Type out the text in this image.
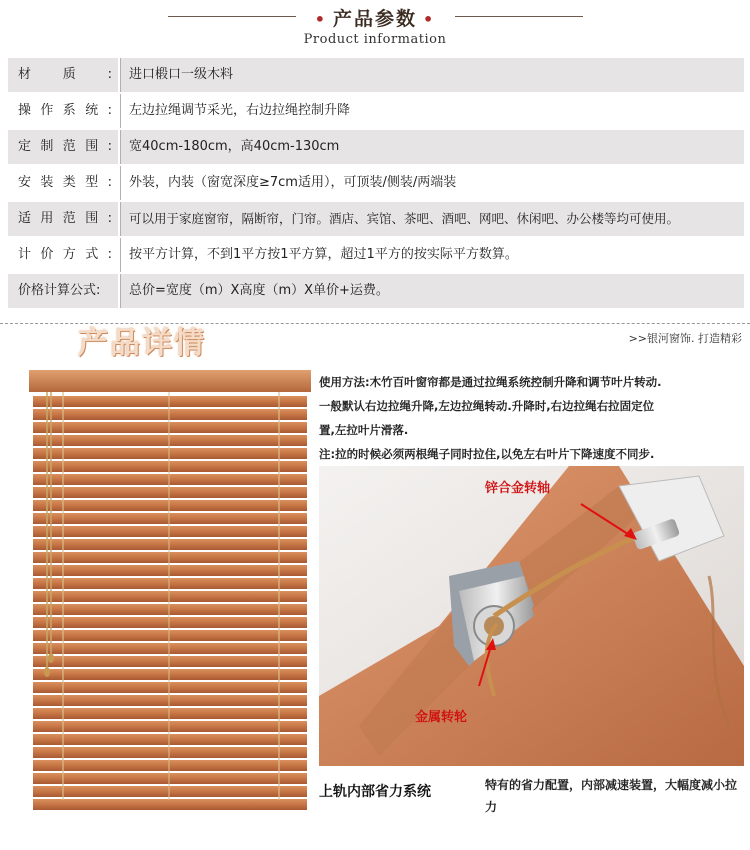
• 产品参数 •
Product information
材质:	进口椴口一级木料
操作系统:	左边拉绳调节采光，右边拉绳控制升降
定制范围:	宽40cm-180cm，高40cm-130cm
安装类型:	外装，内装（窗宽深度≥7cm适用），可顶装/侧装/两端装
适用范围:	可以用于家庭窗帘，隔断帘，门帘。酒店、宾馆、茶吧、酒吧、网吧、休闲吧、办公楼等均可使用。
计价方式:	按平方计算，不到1平方按1平方算，超过1平方的按实际平方数算。
价格计算公式:	总价=宽度（m）X高度（m）X单价+运费。
产品详情	>>银河窗饰. 打造精彩

使用方法:木竹百叶窗帘都是通过拉绳系统控制升降和调节叶片转动.

一般默认右边拉绳升降,左边拉绳转动.升降时,右边拉绳右拉固定位

置,左拉叶片滑落.

注:拉的时候必须两根绳子同时拉住,以免左右叶片下降速度不同步.

锌合金转轴
金属转轮
上轨内部省力系统	特有的省力配置，内部减速装置，大幅度减小拉力
